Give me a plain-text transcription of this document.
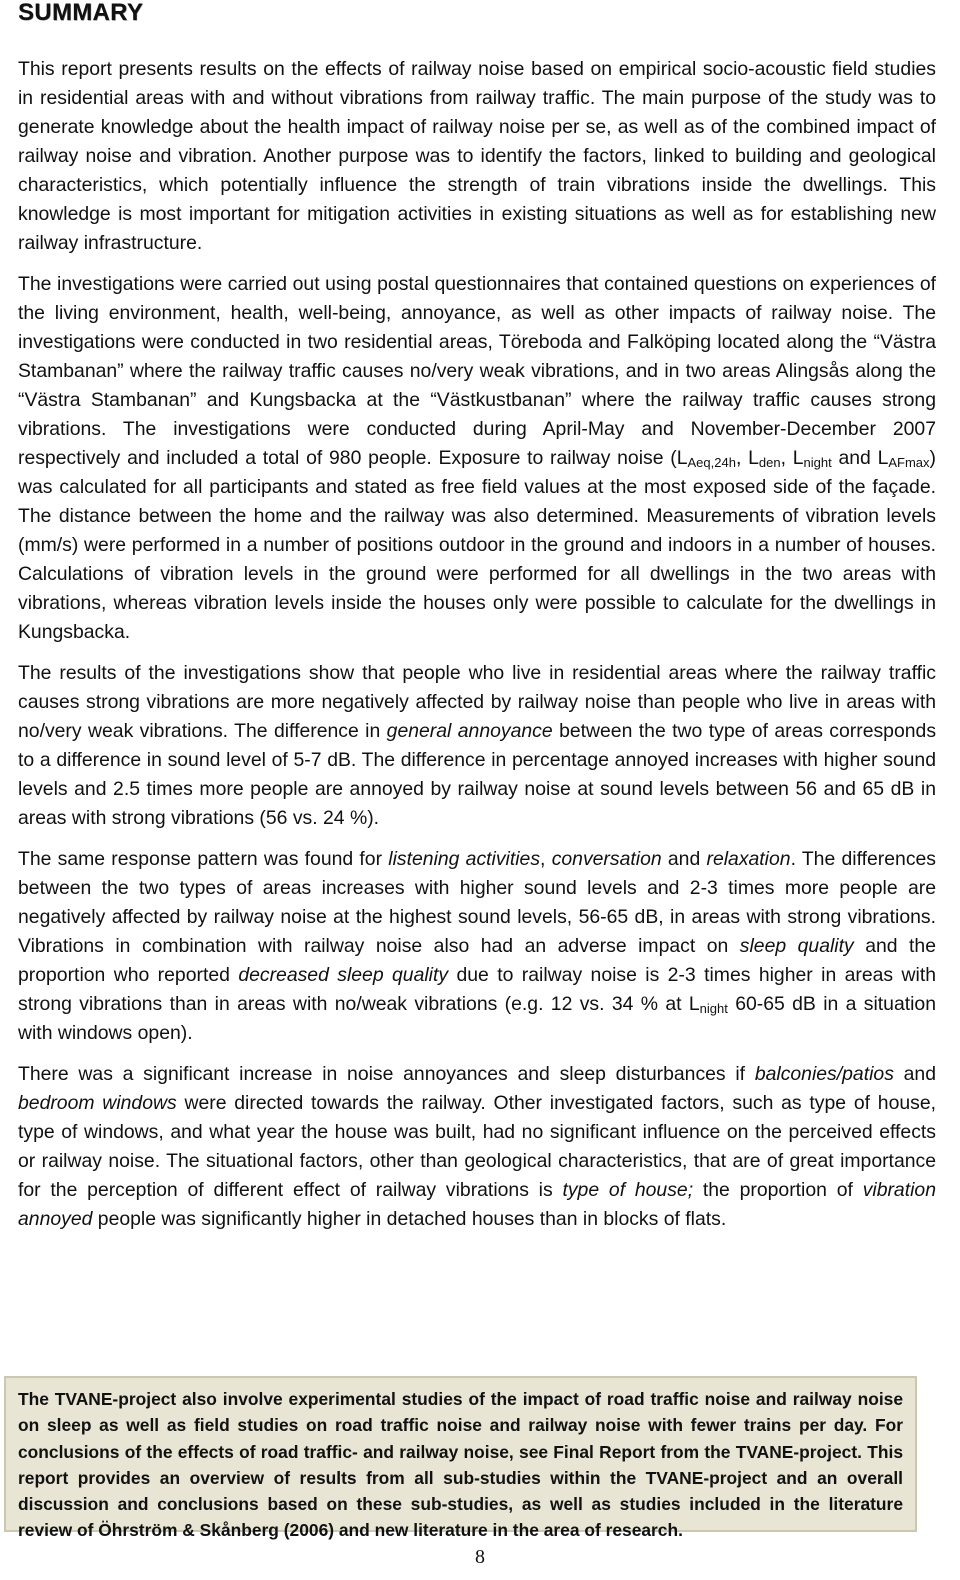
SUMMARY

This report presents results on the effects of railway noise based on empirical socio-acoustic field studies in residential areas with and without vibrations from railway traffic. The main purpose of the study was to generate knowledge about the health impact of railway noise per se, as well as of the combined impact of railway noise and vibration. Another purpose was to identify the factors, linked to building and geological characteristics, which potentially influence the strength of train vibrations inside the dwellings. This knowledge is most important for mitigation activities in existing situations as well as for establishing new railway infrastructure.

The investigations were carried out using postal questionnaires that contained questions on experiences of the living environment, health, well-being, annoyance, as well as other impacts of railway noise. The investigations were conducted in two residential areas, Töreboda and Falköping located along the “Västra Stambanan” where the railway traffic causes no/very weak vibrations, and in two areas Alingsås along the “Västra Stambanan” and Kungsbacka at the “Västkustbanan” where the railway traffic causes strong vibrations. The investigations were conducted during April-May and November-December 2007 respectively and included a total of 980 people. Exposure to railway noise ($L_{Aeq,24h}$, $L_{den}$, $L_{night}$ and $L_{AFmax}$) was calculated for all participants and stated as free field values at the most exposed side of the façade. The distance between the home and the railway was also determined. Measurements of vibration levels (mm/s) were performed in a number of positions outdoor in the ground and indoors in a number of houses. Calculations of vibration levels in the ground were performed for all dwellings in the two areas with vibrations, whereas vibration levels inside the houses only were possible to calculate for the dwellings in Kungsbacka.

The results of the investigations show that people who live in residential areas where the railway traffic causes strong vibrations are more negatively affected by railway noise than people who live in areas with no/very weak vibrations. The difference in general annoyance between the two type of areas corresponds to a difference in sound level of 5-7 dB. The difference in percentage annoyed increases with higher sound levels and 2.5 times more people are annoyed by railway noise at sound levels between 56 and 65 dB in areas with strong vibrations (56 vs. 24 %).

The same response pattern was found for listening activities, conversation and relaxation. The differences between the two types of areas increases with higher sound levels and 2-3 times more people are negatively affected by railway noise at the highest sound levels, 56-65 dB, in areas with strong vibrations. Vibrations in combination with railway noise also had an adverse impact on sleep quality and the proportion who reported decreased sleep quality due to railway noise is 2-3 times higher in areas with strong vibrations than in areas with no/weak vibrations (e.g. 12 vs. 34 % at $L_{night}$ 60-65 dB in a situation with windows open).

There was a significant increase in noise annoyances and sleep disturbances if balconies/patios and bedroom windows were directed towards the railway. Other investigated factors, such as type of house, type of windows, and what year the house was built, had no significant influence on the perceived effects or railway noise. The situational factors, other than geological characteristics, that are of great importance for the perception of different effect of railway vibrations is type of house; the proportion of vibration annoyed people was significantly higher in detached houses than in blocks of flats.

The TVANE-project also involve experimental studies of the impact of road traffic noise and railway noise on sleep as well as field studies on road traffic noise and railway noise with fewer trains per day. For conclusions of the effects of road traffic- and railway noise, see Final Report from the TVANE-project. This report provides an overview of results from all sub-studies within the TVANE-project and an overall discussion and conclusions based on these sub-studies, as well as studies included in the literature review of Öhrström & Skånberg (2006) and new literature in the area of research.

8
